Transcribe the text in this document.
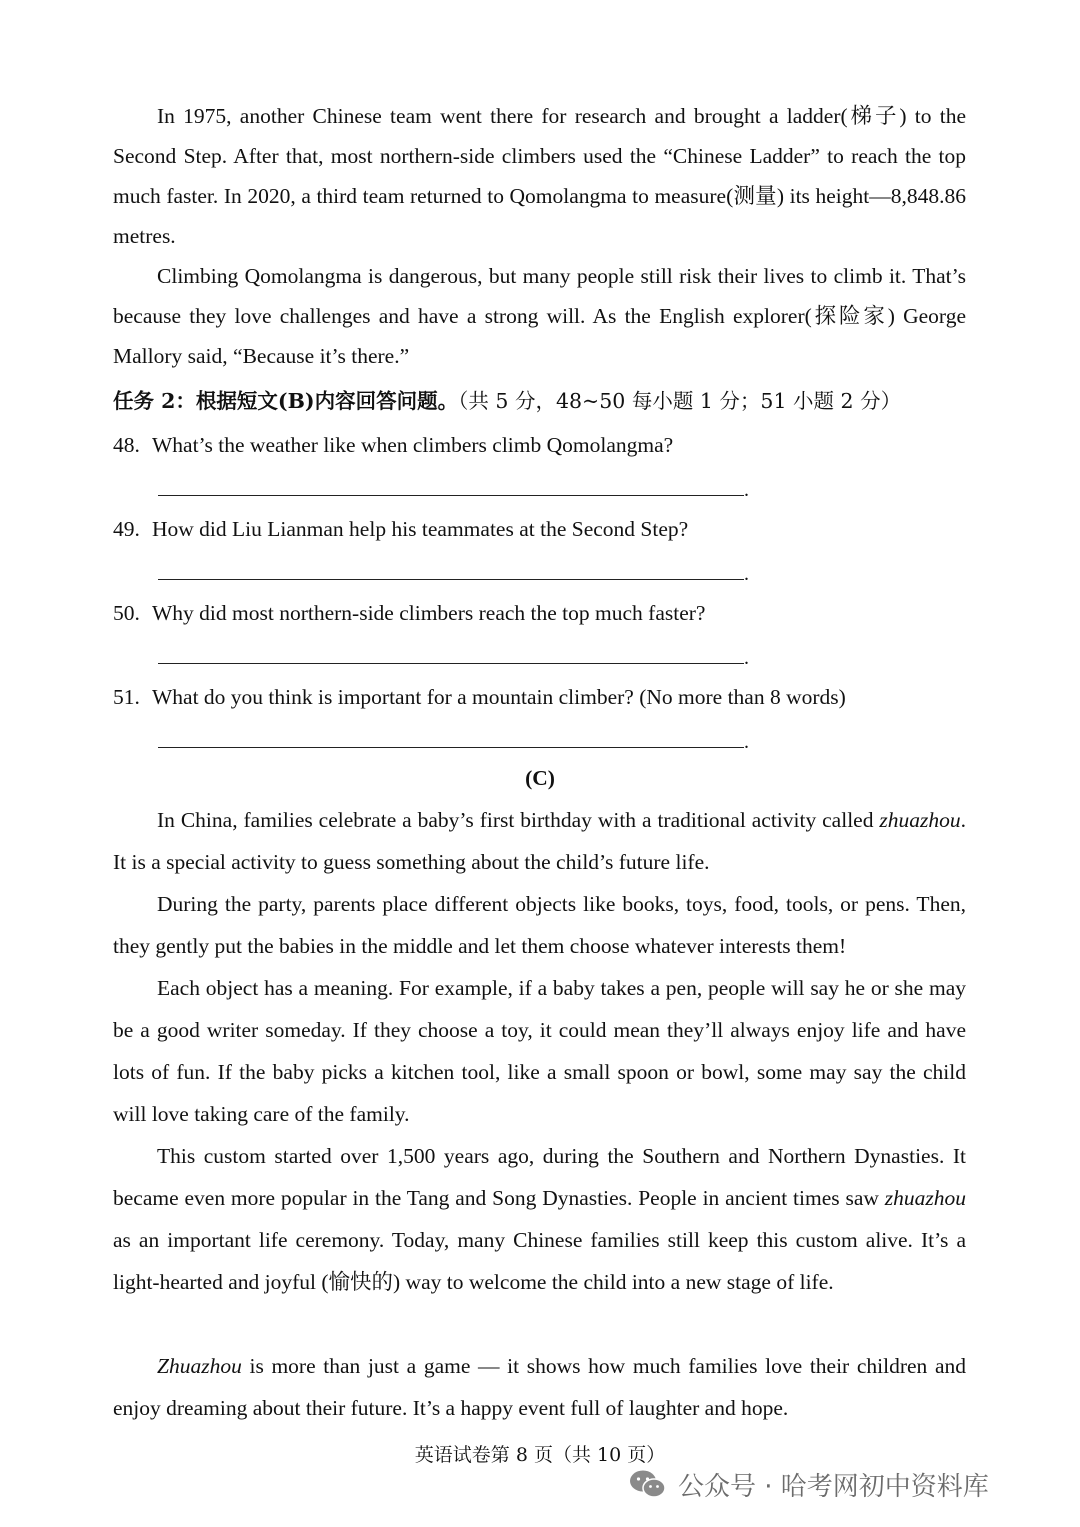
In 1975, another Chinese team went there for research and brought a ladder(梯子) to the Second Step. After that, most northern-side climbers used the “Chinese Ladder” to reach the top much faster. In 2020, a third team returned to Qomolangma to measure(测量) its height—8,848.86 metres.

Climbing Qomolangma is dangerous, but many people still risk their lives to climb it. That’s because they love challenges and have a strong will. As the English explorer(探险家) George Mallory said, “Because it’s there.”

任务 2：根据短文(B)内容回答问题。（共 5 分，48~50 每小题 1 分；51 小题 2 分）

48. What’s the weather like when climbers climb Qomolangma?

.

49. How did Liu Lianman help his teammates at the Second Step?

.

50. Why did most northern-side climbers reach the top much faster?

.

51. What do you think is important for a mountain climber? (No more than 8 words)

.
(C)

In China, families celebrate a baby’s first birthday with a traditional activity called zhuazhou. It is a special activity to guess something about the child’s future life.

During the party, parents place different objects like books, toys, food, tools, or pens. Then, they gently put the babies in the middle and let them choose whatever interests them!

Each object has a meaning. For example, if a baby takes a pen, people will say he or she may be a good writer someday. If they choose a toy, it could mean they’ll always enjoy life and have lots of fun. If the baby picks a kitchen tool, like a small spoon or bowl, some may say the child will love taking care of the family.

This custom started over 1,500 years ago, during the Southern and Northern Dynasties. It became even more popular in the Tang and Song Dynasties. People in ancient times saw zhuazhou as an important life ceremony. Today, many Chinese families still keep this custom alive. It’s a light-hearted and joyful (愉快的) way to welcome the child into a new stage of life.

Zhuazhou is more than just a game — it shows how much families love their children and enjoy dreaming about their future. It’s a happy event full of laughter and hope.

英语试卷第 8 页（共 10 页）
公众号 · 哈考网初中资料库
